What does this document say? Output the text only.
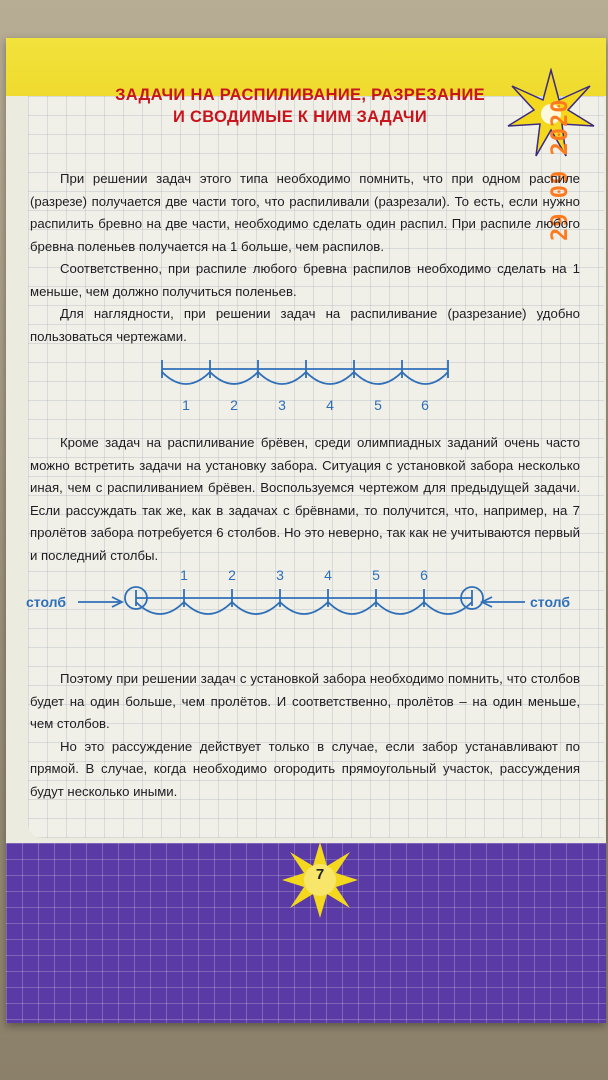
ЗАДАЧИ НА РАСПИЛИВАНИЕ, РАЗРЕЗАНИЕ
И СВОДИМЫЕ К НИМ ЗАДАЧИ	29 09 2020

При решении задач этого типа необходимо помнить, что при одном распиле (разрезе) получается две части того, что распиливали (разрезали). То есть, если нужно распилить бревно на две части, необходимо сделать один распил. При распиле любого бревна поленьев получается на 1 больше, чем распилов.

Соответственно, при распиле любого бревна распилов необходимо сделать на 1 меньше, чем должно получиться поленьев.

Для наглядности, при решении задач на распиливание (разрезание) удобно пользоваться чертежами.

1	2	3	4	5	6

Кроме задач на распиливание брёвен, среди олимпиадных заданий очень часто можно встретить задачи на установку забора. Ситуация с установкой забора несколько иная, чем с распиливанием брёвен. Воспользуемся чертежом для предыдущей задачи. Если рассуждать так же, как в задачах с брёвнами, то получится, что, например, на 7 пролётов забора потребуется 6 столбов. Но это неверно, так как не учитываются первый и последний столбы.

столб	столб
1	2	3	4	5	6

Поэтому при решении задач с установкой забора необходимо помнить, что столбов будет на один больше, чем пролётов. И соответственно, пролётов – на один меньше, чем столбов.

Но это рассуждение действует только в случае, если забор устанавливают по прямой. В случае, когда необходимо огородить прямоугольный участок, рассуждения будут несколько иными.

7
